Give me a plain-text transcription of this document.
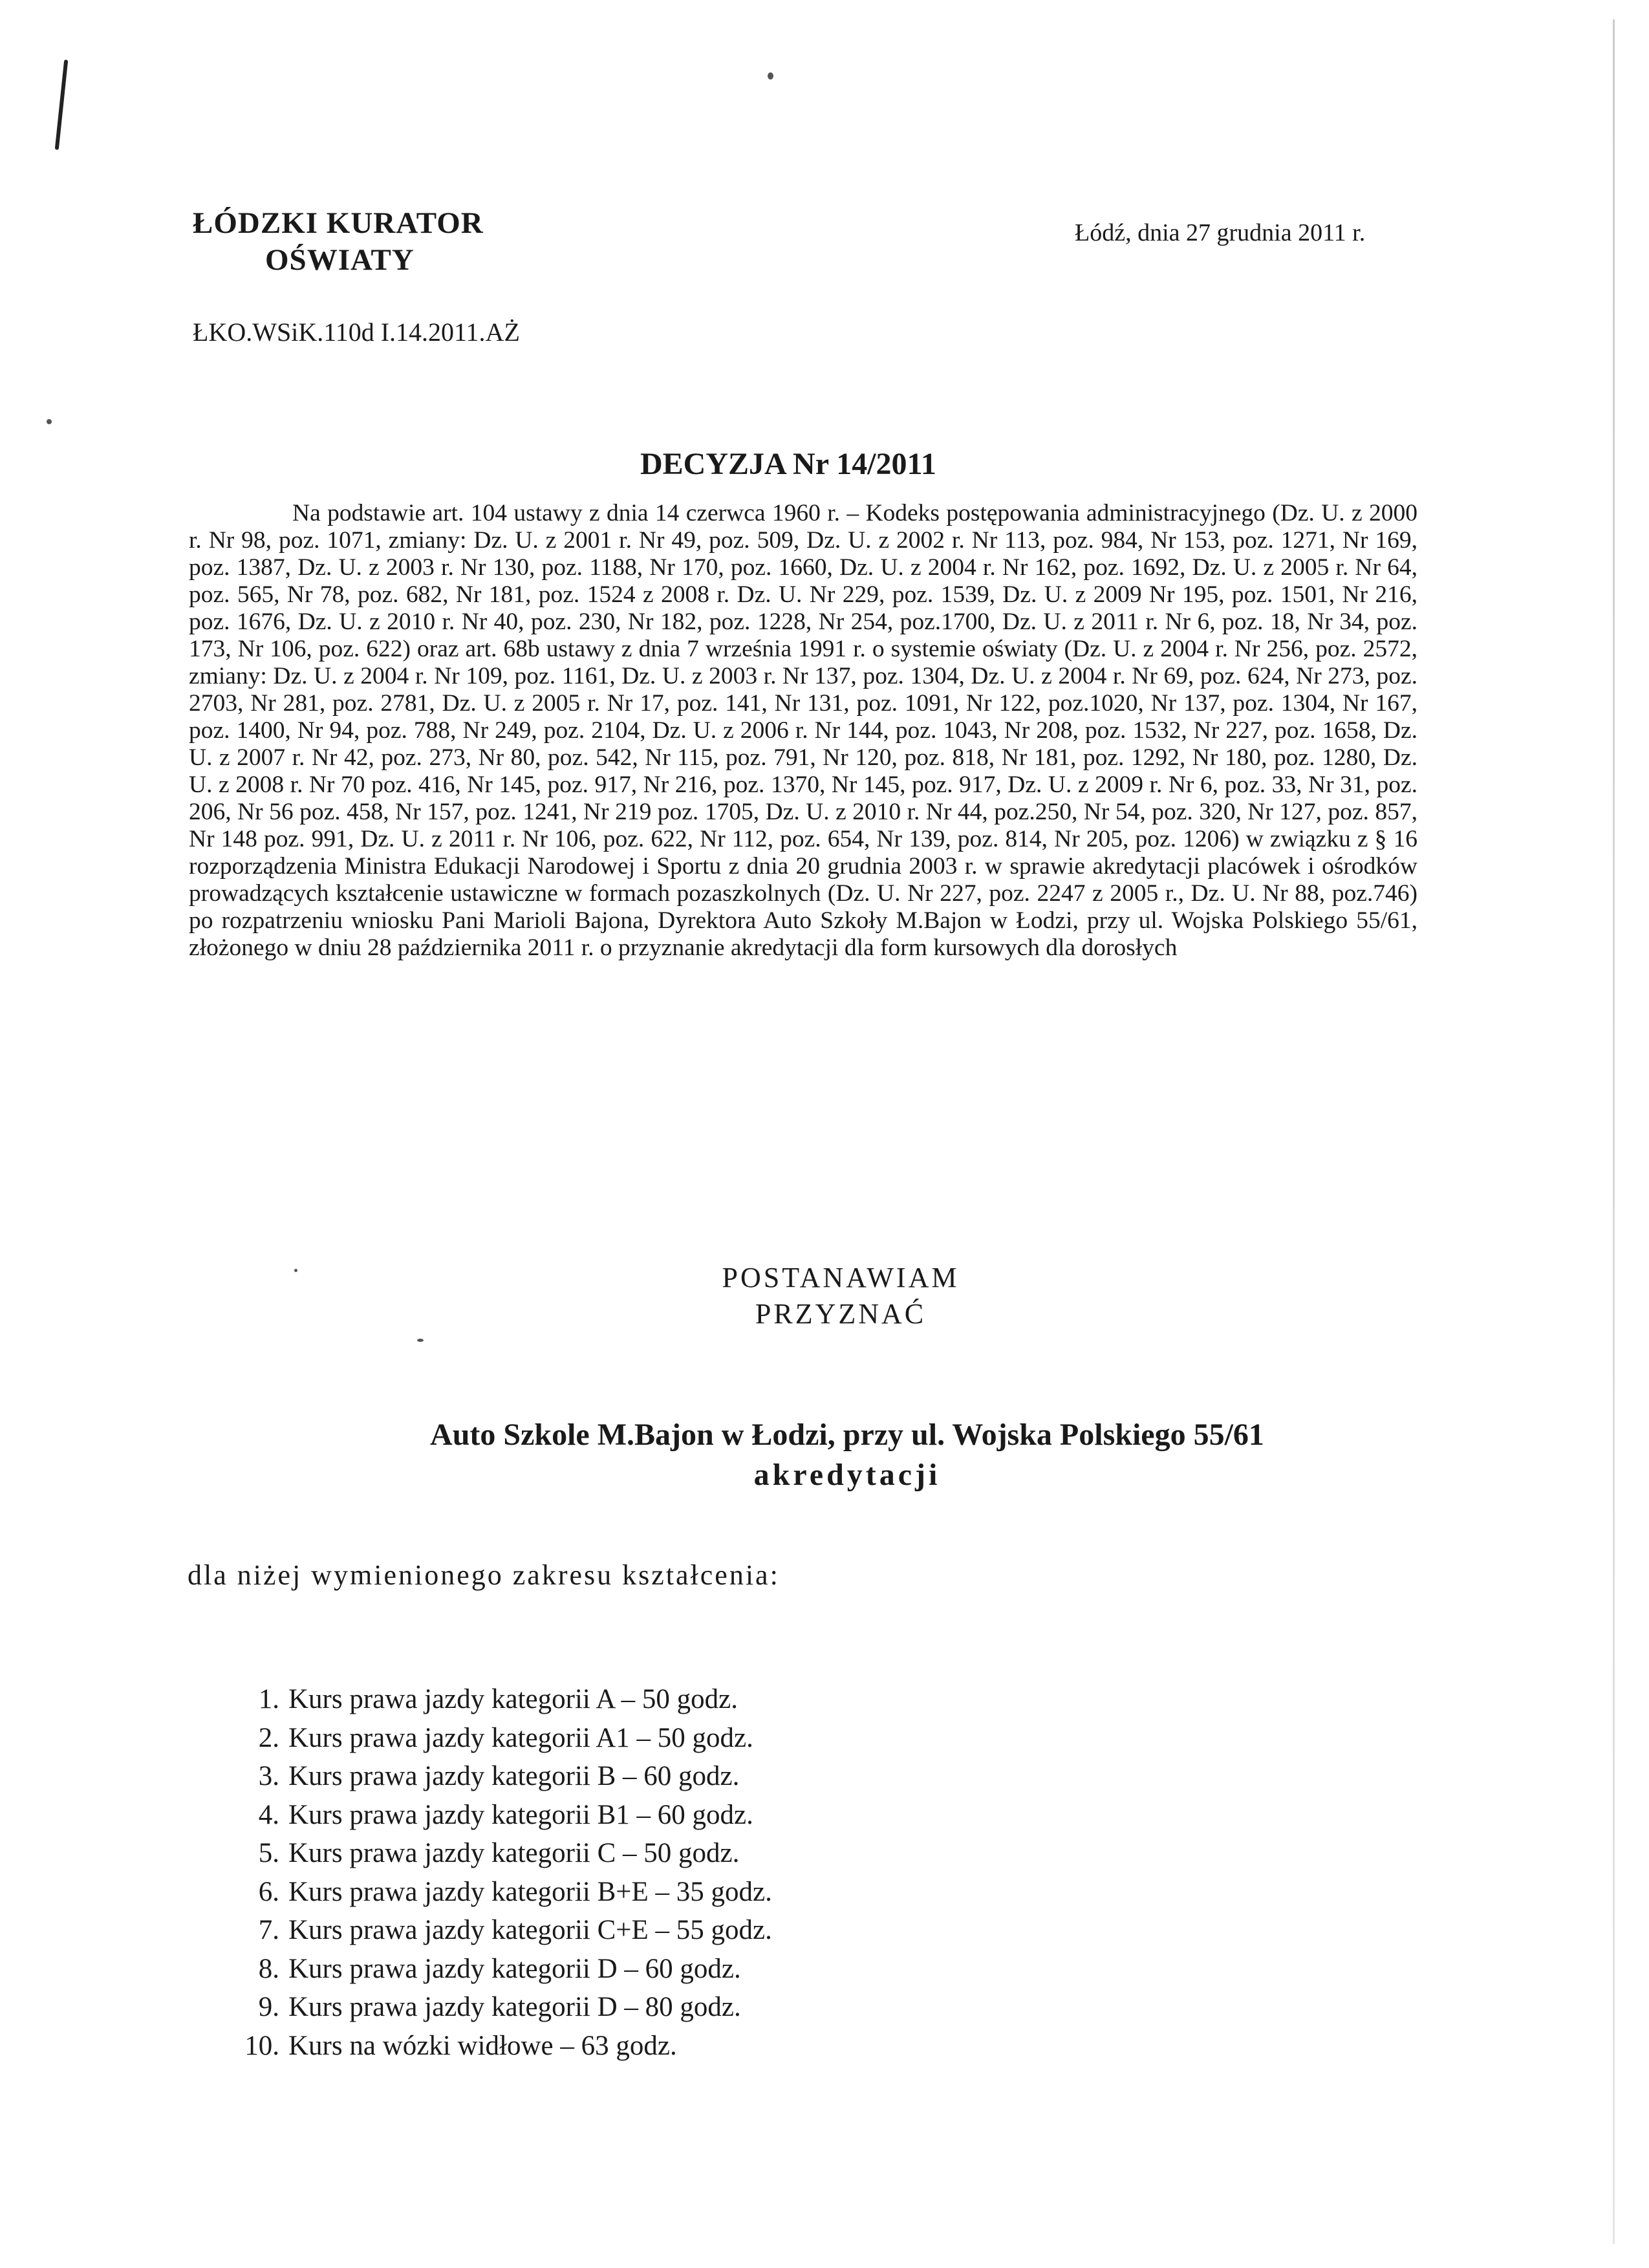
ŁÓDZKI KURATOR
OŚWIATY
Łódź, dnia 27 grudnia 2011 r.
ŁKO.WSiK.110d I.14.2011.AŻ
DECYZJA Nr 14/2011
Na podstawie art. 104 ustawy z dnia 14 czerwca 1960 r. – Kodeks postępowania administracyjnego (Dz. U. z 2000 r. Nr 98, poz. 1071, zmiany: Dz. U. z 2001 r. Nr 49, poz. 509, Dz. U. z 2002 r. Nr 113, poz. 984, Nr 153, poz. 1271, Nr 169, poz. 1387, Dz. U. z 2003 r. Nr 130, poz. 1188, Nr 170, poz. 1660, Dz. U. z 2004 r. Nr 162, poz. 1692, Dz. U. z 2005 r. Nr 64, poz. 565, Nr 78, poz. 682, Nr 181, poz. 1524 z 2008 r. Dz. U. Nr 229, poz. 1539, Dz. U. z 2009 Nr 195, poz. 1501, Nr 216, poz. 1676, Dz. U. z 2010 r. Nr 40, poz. 230, Nr 182, poz. 1228, Nr 254, poz.1700, Dz. U. z 2011 r. Nr 6, poz. 18, Nr 34, poz. 173, Nr 106, poz. 622) oraz art. 68b ustawy z dnia 7 września 1991 r. o systemie oświaty (Dz. U. z 2004 r. Nr 256, poz. 2572, zmiany: Dz. U. z 2004 r. Nr 109, poz. 1161, Dz. U. z 2003 r. Nr 137, poz. 1304, Dz. U. z 2004 r. Nr 69, poz. 624, Nr 273, poz. 2703, Nr 281, poz. 2781, Dz. U. z 2005 r. Nr 17, poz. 141, Nr 131, poz. 1091, Nr 122, poz.1020, Nr 137, poz. 1304, Nr 167, poz. 1400, Nr 94, poz. 788, Nr 249, poz. 2104, Dz. U. z 2006 r. Nr 144, poz. 1043, Nr 208, poz. 1532, Nr 227, poz. 1658, Dz. U. z 2007 r. Nr 42, poz. 273, Nr 80, poz. 542, Nr 115, poz. 791, Nr 120, poz. 818, Nr 181, poz. 1292, Nr 180, poz. 1280, Dz. U. z 2008 r. Nr 70 poz. 416, Nr 145, poz. 917, Nr 216, poz. 1370, Nr 145, poz. 917, Dz. U. z 2009 r. Nr 6, poz. 33, Nr 31, poz. 206, Nr 56 poz. 458, Nr 157, poz. 1241, Nr 219 poz. 1705, Dz. U. z 2010 r. Nr 44, poz.250, Nr 54, poz. 320, Nr 127, poz. 857, Nr 148 poz. 991, Dz. U. z 2011 r. Nr 106, poz. 622, Nr 112, poz. 654, Nr 139, poz. 814, Nr 205, poz. 1206) w związku z § 16 rozporządzenia Ministra Edukacji Narodowej i Sportu z dnia 20 grudnia 2003 r. w sprawie akredytacji placówek i ośrodków prowadzących kształcenie ustawiczne w formach pozaszkolnych (Dz. U. Nr 227, poz. 2247 z 2005 r., Dz. U. Nr 88, poz.746) po rozpatrzeniu wniosku Pani Marioli Bajona, Dyrektora Auto Szkoły M.Bajon w Łodzi, przy ul. Wojska Polskiego 55/61, złożonego w dniu 28 października 2011 r. o przyznanie akredytacji dla form kursowych dla dorosłych
POSTANAWIAM
PRZYZNAĆ
Auto Szkole M.Bajon w Łodzi, przy ul. Wojska Polskiego 55/61
akredytacji
dla niżej wymienionego zakresu kształcenia:
1. Kurs prawa jazdy kategorii A – 50 godz.
2. Kurs prawa jazdy kategorii A1 – 50 godz.
3. Kurs prawa jazdy kategorii B – 60 godz.
4. Kurs prawa jazdy kategorii B1 – 60 godz.
5. Kurs prawa jazdy kategorii C – 50 godz.
6. Kurs prawa jazdy kategorii B+E – 35 godz.
7. Kurs prawa jazdy kategorii C+E – 55 godz.
8. Kurs prawa jazdy kategorii D – 60 godz.
9. Kurs prawa jazdy kategorii D – 80 godz.
10. Kurs na wózki widłowe – 63 godz.
